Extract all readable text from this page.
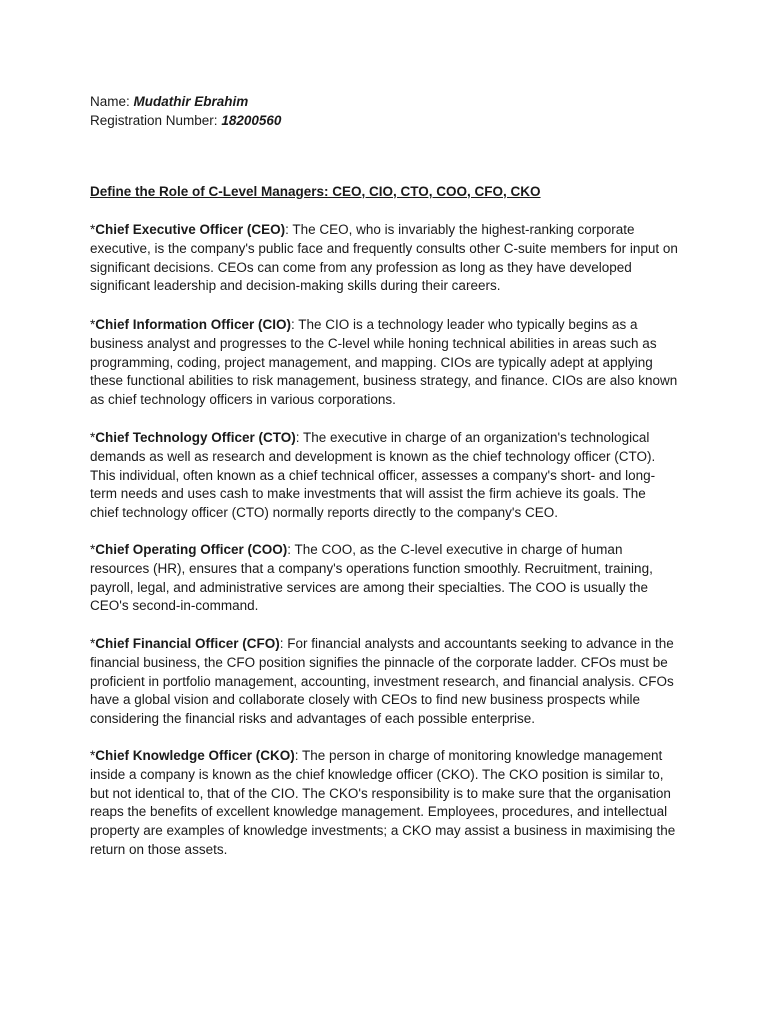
Name: Mudathir Ebrahim

Registration Number: 18200560

Define the Role of C-Level Managers: CEO, CIO, CTO, COO, CFO, CKO

*Chief Executive Officer (CEO): The CEO, who is invariably the highest-ranking corporate executive, is the company's public face and frequently consults other C-suite members for input on significant decisions. CEOs can come from any profession as long as they have developed significant leadership and decision-making skills during their careers.

*Chief Information Officer (CIO): The CIO is a technology leader who typically begins as a business analyst and progresses to the C-level while honing technical abilities in areas such as programming, coding, project management, and mapping. CIOs are typically adept at applying these functional abilities to risk management, business strategy, and finance. CIOs are also known as chief technology officers in various corporations.

*Chief Technology Officer (CTO): The executive in charge of an organization's technological demands as well as research and development is known as the chief technology officer (CTO). This individual, often known as a chief technical officer, assesses a company's short- and long-term needs and uses cash to make investments that will assist the firm achieve its goals. The chief technology officer (CTO) normally reports directly to the company's CEO.

*Chief Operating Officer (COO): The COO, as the C-level executive in charge of human resources (HR), ensures that a company's operations function smoothly. Recruitment, training, payroll, legal, and administrative services are among their specialties. The COO is usually the CEO's second-in-command.

*Chief Financial Officer (CFO): For financial analysts and accountants seeking to advance in the financial business, the CFO position signifies the pinnacle of the corporate ladder. CFOs must be proficient in portfolio management, accounting, investment research, and financial analysis. CFOs have a global vision and collaborate closely with CEOs to find new business prospects while considering the financial risks and advantages of each possible enterprise.

*Chief Knowledge Officer (CKO): The person in charge of monitoring knowledge management inside a company is known as the chief knowledge officer (CKO). The CKO position is similar to, but not identical to, that of the CIO. The CKO's responsibility is to make sure that the organisation reaps the benefits of excellent knowledge management. Employees, procedures, and intellectual property are examples of knowledge investments; a CKO may assist a business in maximising the return on those assets.
